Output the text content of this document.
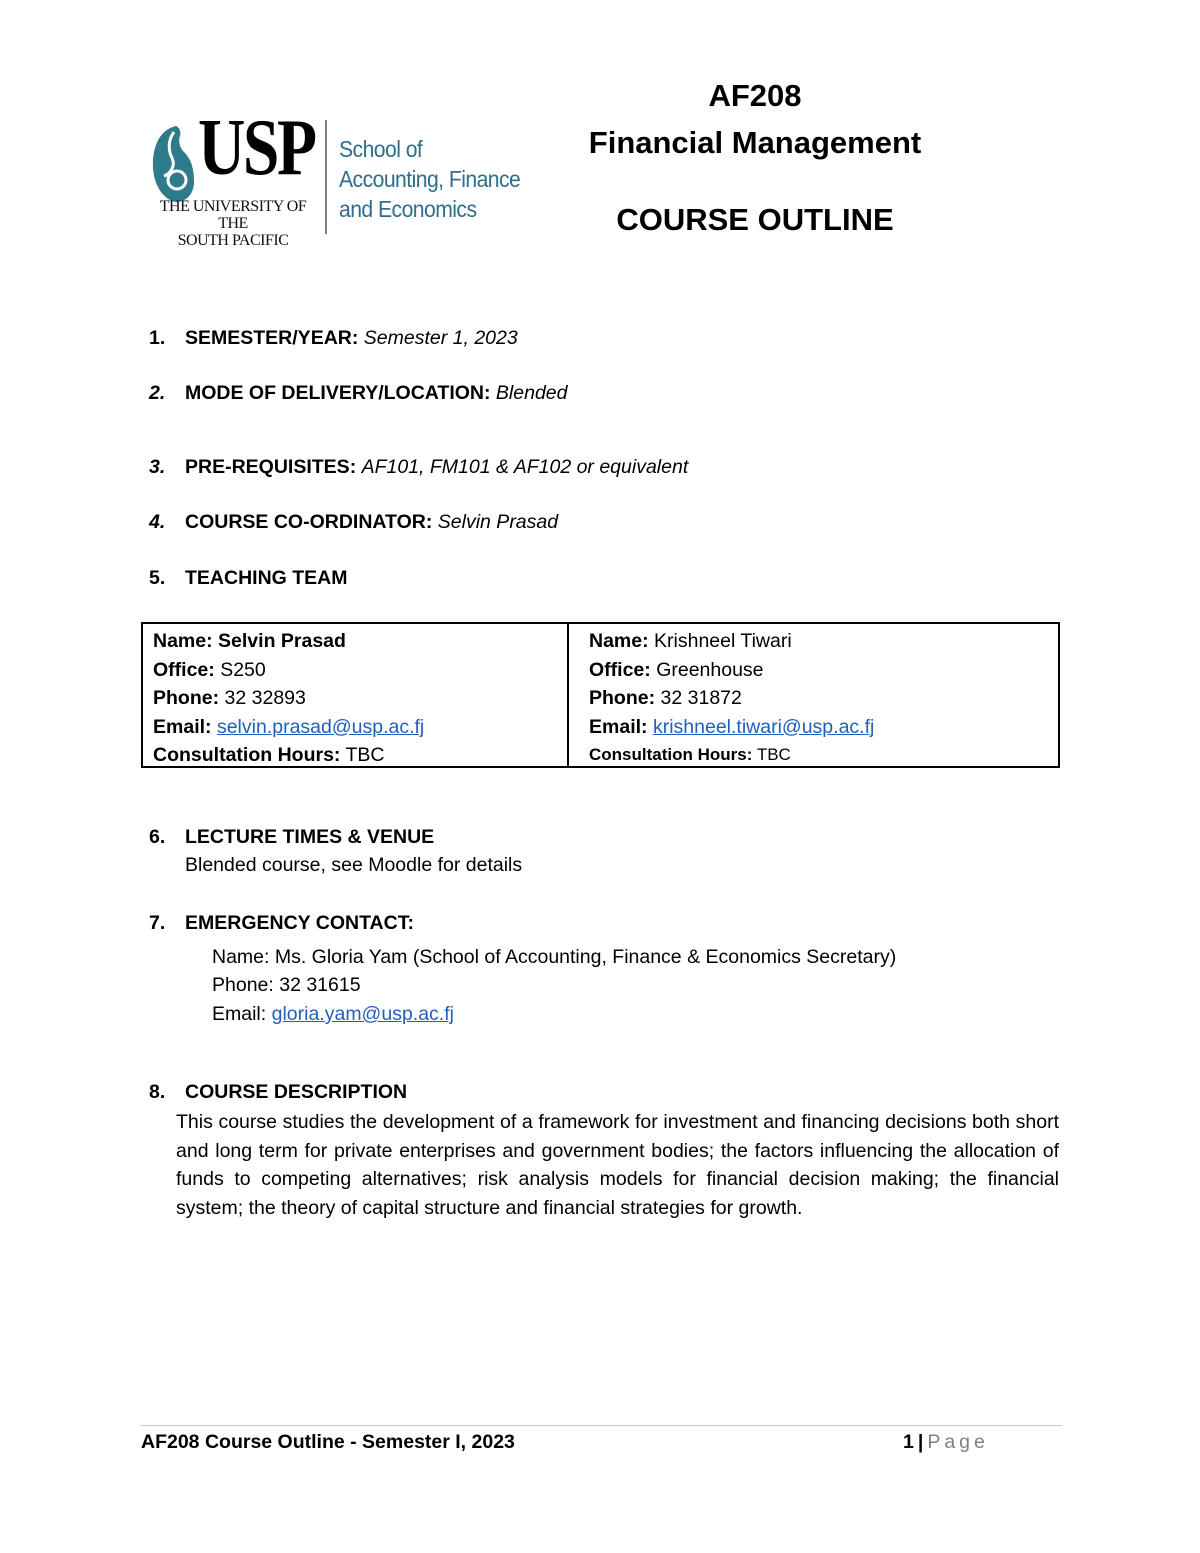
USP
THE UNIVERSITY OF THE
SOUTH PACIFIC
School of
Accounting, Finance
and Economics
AF208
Financial Management
COURSE OUTLINE
1. SEMESTER/YEAR: Semester 1, 2023
2. MODE OF DELIVERY/LOCATION: Blended
3. PRE-REQUISITES: AF101, FM101 & AF102 or equivalent
4. COURSE CO-ORDINATOR: Selvin Prasad
5. TEACHING TEAM
Name: Selvin Prasad
Office: S250
Phone: 32 32893
Email: selvin.prasad@usp.ac.fj
Consultation Hours: TBC
Name: Krishneel Tiwari
Office: Greenhouse
Phone: 32 31872
Email: krishneel.tiwari@usp.ac.fj
Consultation Hours: TBC
6. LECTURE TIMES & VENUE
Blended course, see Moodle for details
7. EMERGENCY CONTACT:
Name: Ms. Gloria Yam (School of Accounting, Finance & Economics Secretary)
Phone: 32 31615
Email: gloria.yam@usp.ac.fj
8. COURSE DESCRIPTION
This course studies the development of a framework for investment and financing decisions both short and long term for private enterprises and government bodies; the factors influencing the allocation of funds to competing alternatives; risk analysis models for financial decision making; the financial system; the theory of capital structure and financial strategies for growth.
AF208 Course Outline - Semester I, 2023	1 | Page
